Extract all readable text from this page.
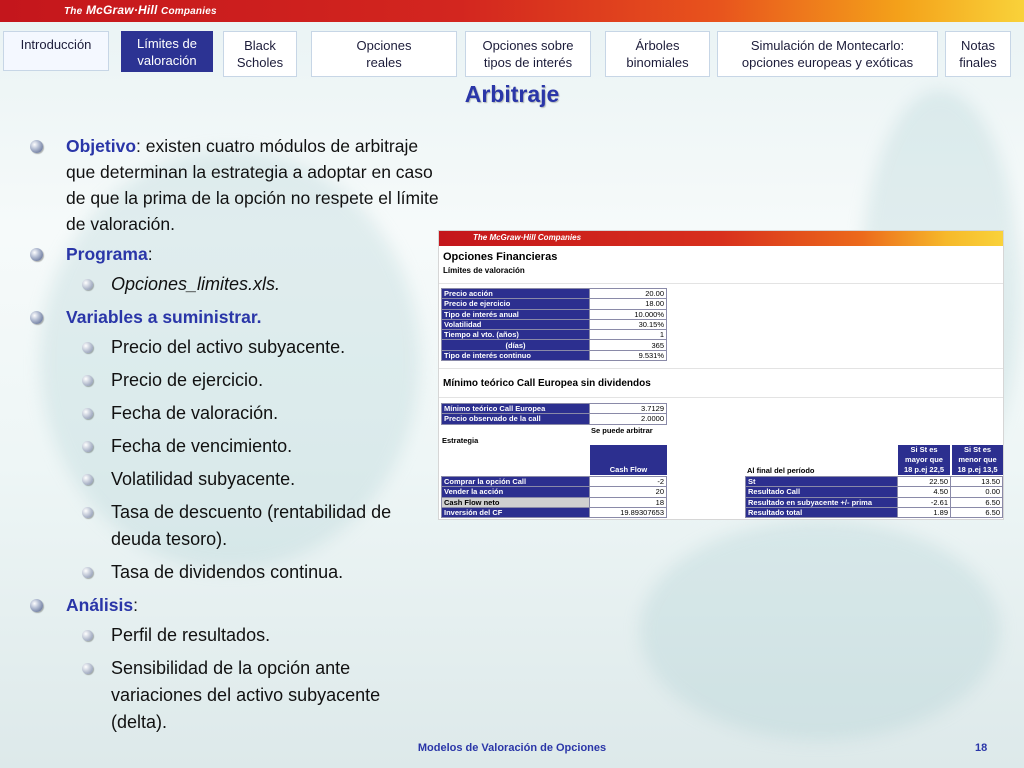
The McGraw·Hill Companies
Introducción	Límites de
valoración
Black
Scholes
Opciones
reales
Opciones sobre
tipos de interés
Árboles
binomiales
Simulación de Montecarlo:
opciones europeas y exóticas
Notas
finales
Arbitraje
Objetivo: existen cuatro módulos de arbitraje que determinan la estrategia a adoptar en caso de que la prima de la opción no respete el límite de valoración.
Programa:
Opciones_limites.xls.
Variables a suministrar.
Precio del activo subyacente.
Precio de ejercicio.
Fecha de valoración.
Fecha de vencimiento.
Volatilidad subyacente.
Tasa de descuento (rentabilidad de deuda tesoro).
Tasa de dividendos continua.
Análisis:
Perfil de resultados.
Sensibilidad de la opción ante variaciones del activo subyacente (delta).
The McGraw·Hill Companies
Opciones Financieras
Límites de valoración
Precio acción	20.00
Precio de ejercicio	18.00
Tipo de interés anual	10.000%
Volatilidad	30.15%
Tiempo al vto. (años)	1
(días)	365
Tipo de interés continuo	9.531%
Mínimo teórico Call Europea sin dividendos
Mínimo teórico Call Europea	3.7129
Precio observado de la call	2.0000
Se puede arbitrar
Estrategia
Cash Flow
Si St es
mayor que
18 p.ej 22,5
Si St es
menor que
18 p.ej 13,5
Al final del período
Comprar la opción Call	-2
Vender la acción	20
Cash Flow neto	18
Inversión del CF	19.89307653
St	22.50	13.50
Resultado Call	4.50	0.00
Resultado en subyacente +/- prima	-2.61	6.50
Resultado total	1.89	6.50
Modelos de Valoración de Opciones	18
